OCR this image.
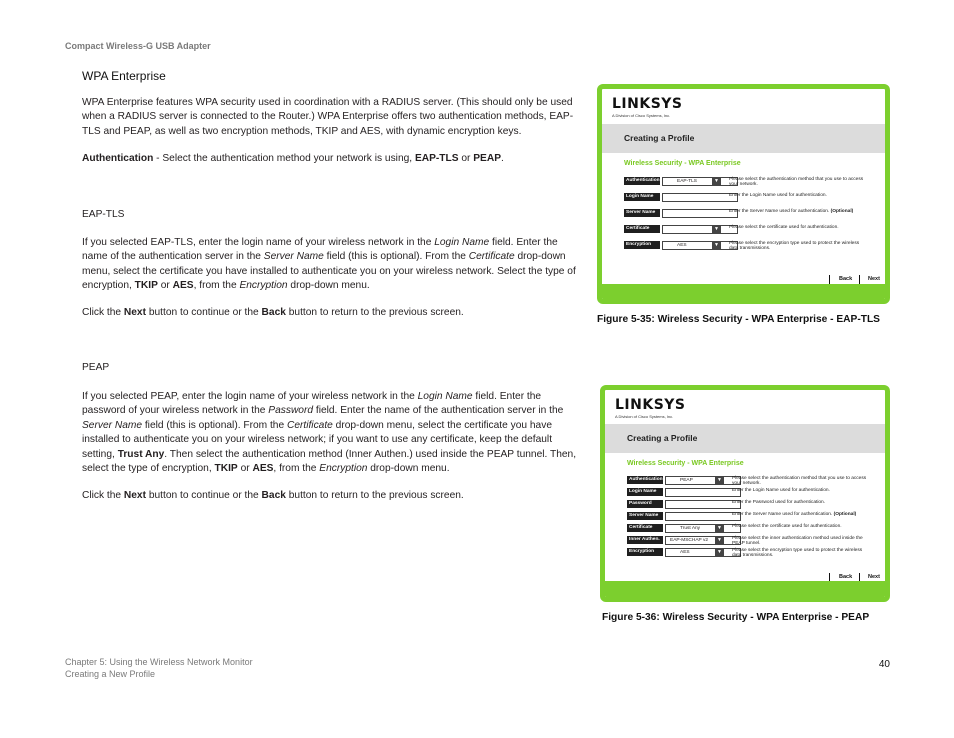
Compact Wireless-G USB Adapter
WPA Enterprise
WPA Enterprise features WPA security used in coordination with a RADIUS server. (This should only be used when a RADIUS server is connected to the Router.) WPA Enterprise offers two authentication methods, EAP-TLS and PEAP, as well as two encryption methods, TKIP and AES, with dynamic encryption keys.
Authentication - Select the authentication method your network is using, EAP-TLS or PEAP.
EAP-TLS
If you selected EAP-TLS, enter the login name of your wireless network in the Login Name field. Enter the name of the authentication server in the Server Name field (this is optional). From the Certificate drop-down menu, select the certificate you have installed to authenticate you on your wireless network. Select the type of encryption, TKIP or AES, from the Encryption drop-down menu.
Click the Next button to continue or the Back button to return to the previous screen.
PEAP
If you selected PEAP, enter the login name of your wireless network in the Login Name field. Enter the password of your wireless network in the Password field. Enter the name of the authentication server in the Server Name field (this is optional). From the Certificate drop-down menu, select the certificate you have installed to authenticate you on your wireless network; if you want to use any certificate, keep the default setting, Trust Any. Then select the authentication method (Inner Authen.) used inside the PEAP tunnel. Then, select the type of encryption, TKIP or AES, from the Encryption drop-down menu.
Click the Next button to continue or the Back button to return to the previous screen.
LINKSYS
A Division of Cisco Systems, Inc.
Creating a Profile
Wireless Security - WPA Enterprise
Authentication	EAP-TLS	▼	Please select the authentication method that you use to access your network.
Login Name	Enter the Login Name used for authentication.
Server Name	Enter the Server Name used for authentication. (Optional)
Certificate	▼	Please select the certificate used for authentication.
Encryption	AES	▼	Please select the encryption type used to protect the wireless data transmissions.
Back	Next
Figure 5-35: Wireless Security - WPA Enterprise - EAP-TLS
LINKSYS
A Division of Cisco Systems, Inc.
Creating a Profile
Wireless Security - WPA Enterprise
Authentication	PEAP	▼	Please select the authentication method that you use to access your network.
Login Name	Enter the Login Name used for authentication.
Password	Enter the Password used for authentication.
Server Name	Enter the Server Name used for authentication. (Optional)
Certificate	Trust Any	▼	Please select the certificate used for authentication.
Inner Authen.	EAP-MSCHAP v2	▼	Please select the inner authentication method used inside the PEAP tunnel.
Encryption	AES	▼	Please select the encryption type used to protect the wireless data transmissions.
Back	Next
Figure 5-36: Wireless Security - WPA Enterprise - PEAP
Chapter 5: Using the Wireless Network Monitor
Creating a New Profile
40
